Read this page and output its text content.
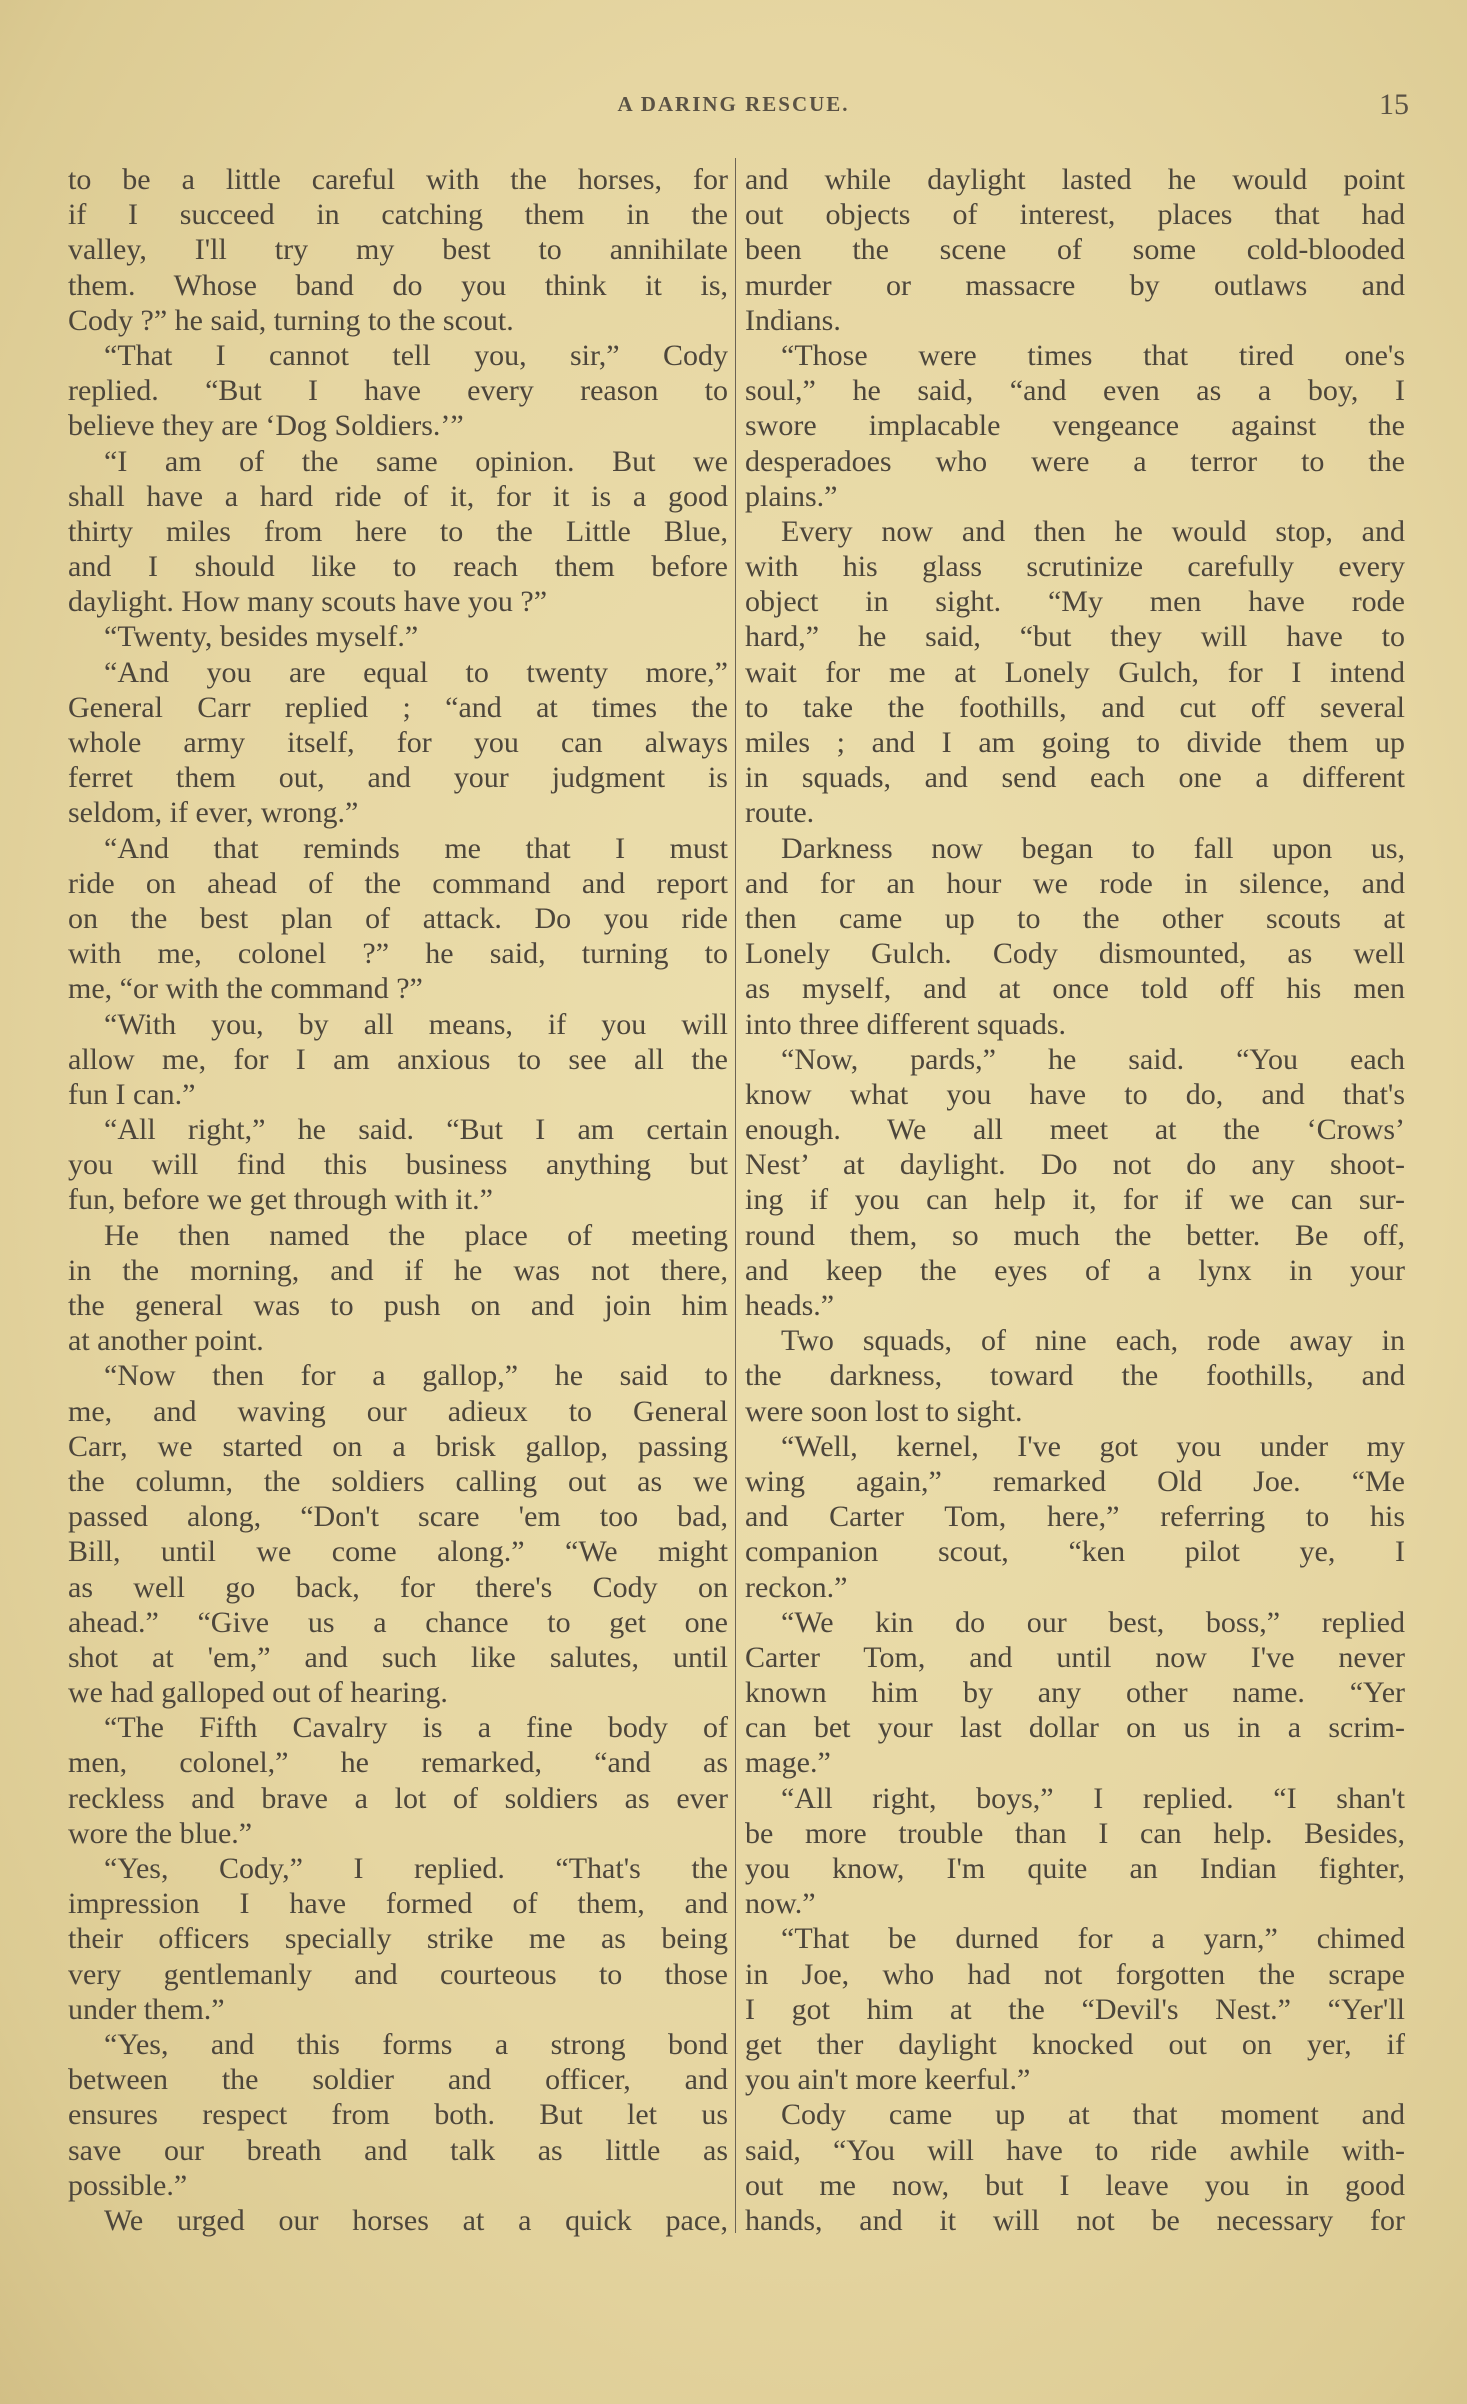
A DARING RESCUE.	15
to be a little careful with the horses, for
if I succeed in catching them in the
valley, I'll try my best to annihilate
them. Whose band do you think it is,
Cody ?” he said, turning to the scout.
“That I cannot tell you, sir,” Cody
replied. “But I have every reason to
believe they are ‘Dog Soldiers.’”
“I am of the same opinion. But we
shall have a hard ride of it, for it is a good
thirty miles from here to the Little Blue,
and I should like to reach them before
daylight. How many scouts have you ?”
“Twenty, besides myself.”
“And you are equal to twenty more,”
General Carr replied ; “and at times the
whole army itself, for you can always
ferret them out, and your judgment is
seldom, if ever, wrong.”
“And that reminds me that I must
ride on ahead of the command and report
on the best plan of attack. Do you ride
with me, colonel ?” he said, turning to
me, “or with the command ?”
“With you, by all means, if you will
allow me, for I am anxious to see all the
fun I can.”
“All right,” he said. “But I am certain
you will find this business anything but
fun, before we get through with it.”
He then named the place of meeting
in the morning, and if he was not there,
the general was to push on and join him
at another point.
“Now then for a gallop,” he said to
me, and waving our adieux to General
Carr, we started on a brisk gallop, passing
the column, the soldiers calling out as we
passed along, “Don't scare 'em too bad,
Bill, until we come along.” “We might
as well go back, for there's Cody on
ahead.” “Give us a chance to get one
shot at 'em,” and such like salutes, until
we had galloped out of hearing.
“The Fifth Cavalry is a fine body of
men, colonel,” he remarked, “and as
reckless and brave a lot of soldiers as ever
wore the blue.”
“Yes, Cody,” I replied. “That's the
impression I have formed of them, and
their officers specially strike me as being
very gentlemanly and courteous to those
under them.”
“Yes, and this forms a strong bond
between the soldier and officer, and
ensures respect from both. But let us
save our breath and talk as little as
possible.”
We urged our horses at a quick pace,
and while daylight lasted he would point
out objects of interest, places that had
been the scene of some cold-blooded
murder or massacre by outlaws and
Indians.
“Those were times that tired one's
soul,” he said, “and even as a boy, I
swore implacable vengeance against the
desperadoes who were a terror to the
plains.”
Every now and then he would stop, and
with his glass scrutinize carefully every
object in sight. “My men have rode
hard,” he said, “but they will have to
wait for me at Lonely Gulch, for I intend
to take the foothills, and cut off several
miles ; and I am going to divide them up
in squads, and send each one a different
route.
Darkness now began to fall upon us,
and for an hour we rode in silence, and
then came up to the other scouts at
Lonely Gulch. Cody dismounted, as well
as myself, and at once told off his men
into three different squads.
“Now, pards,” he said. “You each
know what you have to do, and that's
enough. We all meet at the ‘Crows’
Nest’ at daylight. Do not do any shoot-
ing if you can help it, for if we can sur-
round them, so much the better. Be off,
and keep the eyes of a lynx in your
heads.”
Two squads, of nine each, rode away in
the darkness, toward the foothills, and
were soon lost to sight.
“Well, kernel, I've got you under my
wing again,” remarked Old Joe. “Me
and Carter Tom, here,” referring to his
companion scout, “ken pilot ye, I
reckon.”
“We kin do our best, boss,” replied
Carter Tom, and until now I've never
known him by any other name. “Yer
can bet your last dollar on us in a scrim-
mage.”
“All right, boys,” I replied. “I shan't
be more trouble than I can help. Besides,
you know, I'm quite an Indian fighter,
now.”
“That be durned for a yarn,” chimed
in Joe, who had not forgotten the scrape
I got him at the “Devil's Nest.” “Yer'll
get ther daylight knocked out on yer, if
you ain't more keerful.”
Cody came up at that moment and
said, “You will have to ride awhile with-
out me now, but I leave you in good
hands, and it will not be necessary for
